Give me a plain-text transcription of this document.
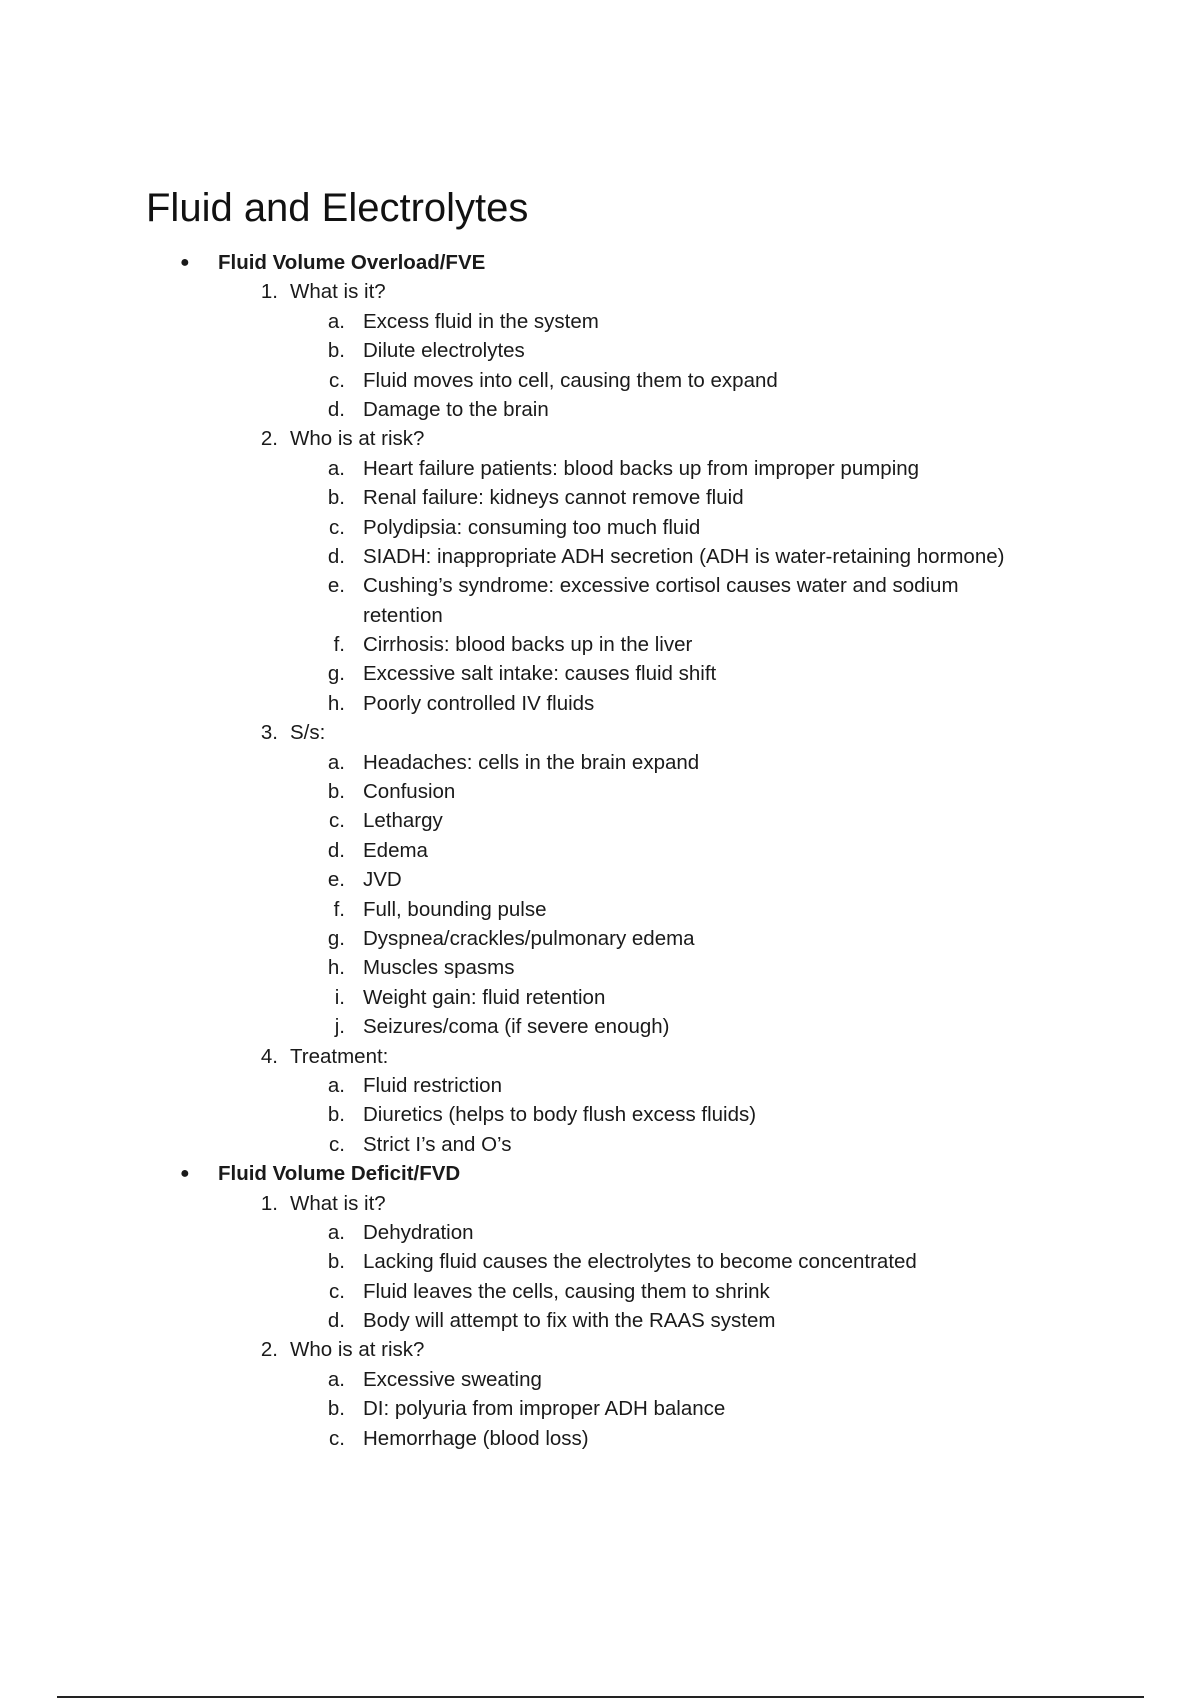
Fluid and Electrolytes
● Fluid Volume Overload/FVE
1. What is it?
a. Excess fluid in the system
b. Dilute electrolytes
c. Fluid moves into cell, causing them to expand
d. Damage to the brain
2. Who is at risk?
a. Heart failure patients: blood backs up from improper pumping
b. Renal failure: kidneys cannot remove fluid
c. Polydipsia: consuming too much fluid
d. SIADH: inappropriate ADH secretion (ADH is water-retaining hormone)
e. Cushing’s syndrome: excessive cortisol causes water and sodium
retention
f. Cirrhosis: blood backs up in the liver
g. Excessive salt intake: causes fluid shift
h. Poorly controlled IV fluids
3. S/s:
a. Headaches: cells in the brain expand
b. Confusion
c. Lethargy
d. Edema
e. JVD
f. Full, bounding pulse
g. Dyspnea/crackles/pulmonary edema
h. Muscles spasms
i. Weight gain: fluid retention
j. Seizures/coma (if severe enough)
4. Treatment:
a. Fluid restriction
b. Diuretics (helps to body flush excess fluids)
c. Strict I’s and O’s
● Fluid Volume Deficit/FVD
1. What is it?
a. Dehydration
b. Lacking fluid causes the electrolytes to become concentrated
c. Fluid leaves the cells, causing them to shrink
d. Body will attempt to fix with the RAAS system
2. Who is at risk?
a. Excessive sweating
b. DI: polyuria from improper ADH balance
c. Hemorrhage (blood loss)
